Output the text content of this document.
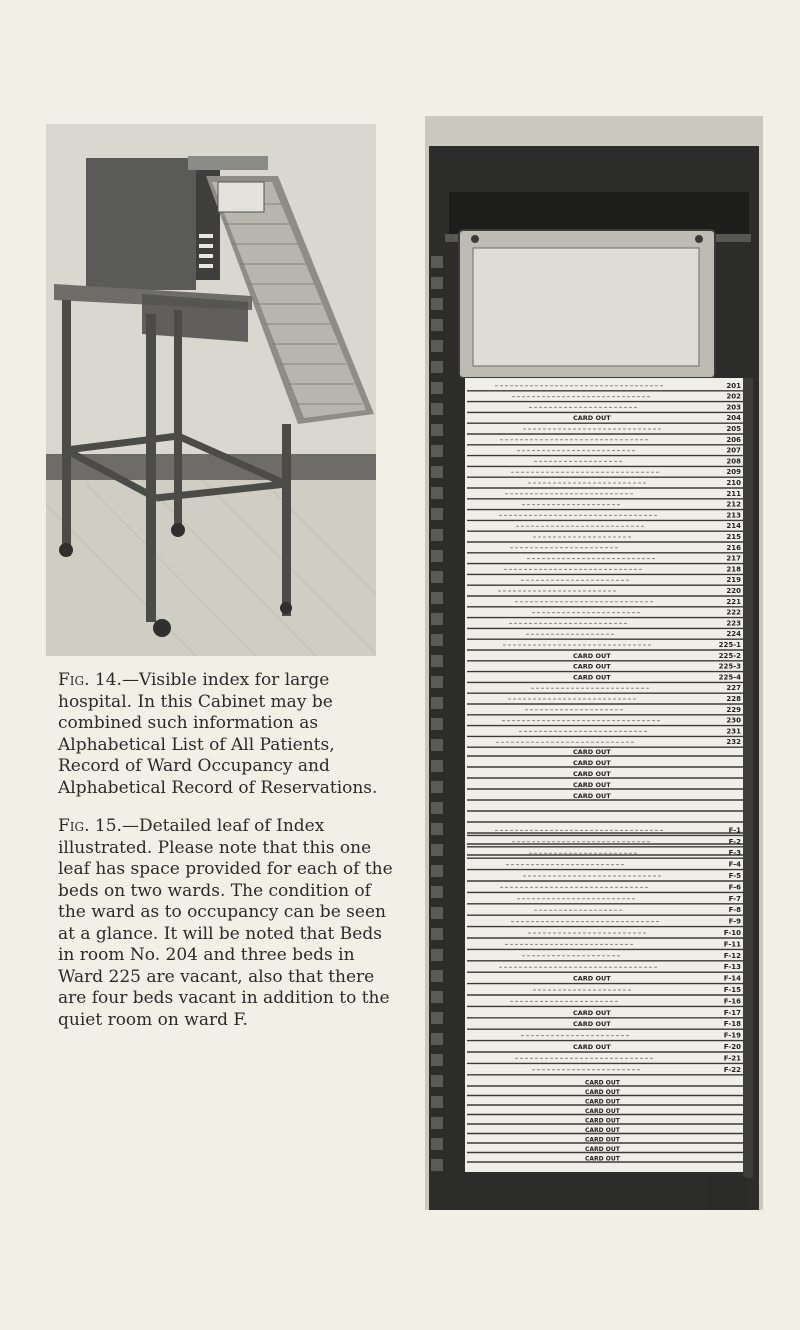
Fig. 14.—Visible index for large hospital. In this Cabinet may be combined such information as Alphabetical List of All Patients, Record of Ward Occupancy and Alphabetical Record of Reservations.

Fig. 15.—Detailed leaf of Index illustrated. Please note that this one leaf has space provided for each of the beds on two wards. The condition of the ward as to occupancy can be seen at a glance. It will be noted that Beds in room No. 204 and three beds in Ward 225 are vacant, also that there are four beds vacant in addition to the quiet room on ward F.

201
202
203
204
CARD OUT
205
206
207
208
209
210
211
212
213
214
215
216
217
218
219
220
221
222
223
224
225-1
225-2
CARD OUT
225-3
CARD OUT
225-4
CARD OUT
227
228
229
230
231
232
CARD OUT
CARD OUT
CARD OUT
CARD OUT
CARD OUT
F-1
F-2
F-3
F-4
F-5
F-6
F-7
F-8
F-9
F-10
F-11
F-12
F-13
F-14
CARD OUT
F-15
F-16
F-17
CARD OUT
F-18
CARD OUT
F-19
F-20
CARD OUT
F-21
F-22
CARD OUT
CARD OUT
CARD OUT
CARD OUT
CARD OUT
CARD OUT
CARD OUT
CARD OUT
CARD OUT
